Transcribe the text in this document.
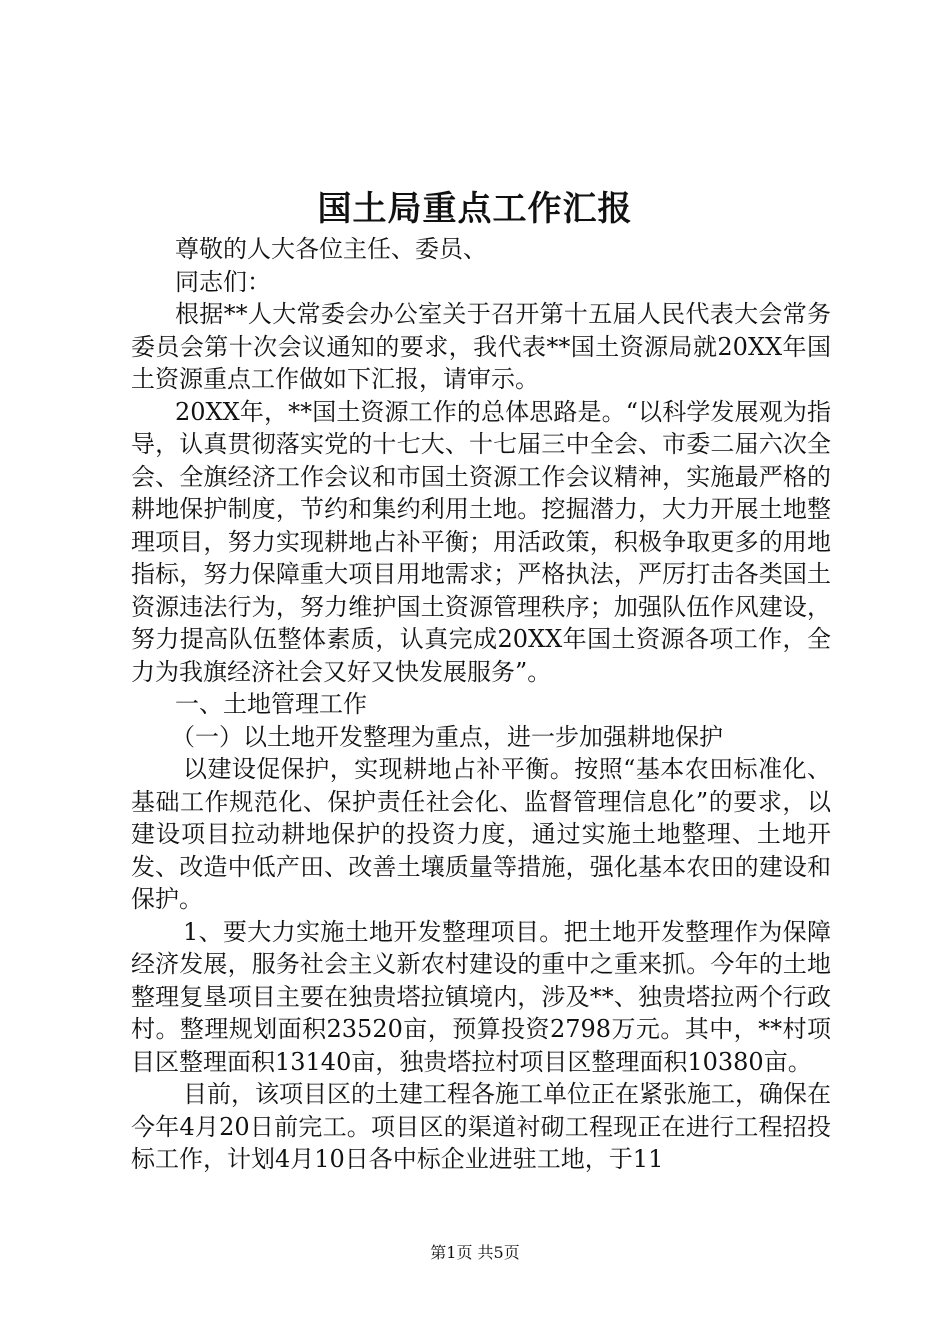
国土局重点工作汇报

尊敬的人大各位主任、委员、

同志们：

根据**人大常委会办公室关于召开第十五届人民代表大会常务委员会第十次会议通知的要求，我代表**国土资源局就20XX年国土资源重点工作做如下汇报，请审示。

20XX年，**国土资源工作的总体思路是。“以科学发展观为指导，认真贯彻落实党的十七大、十七届三中全会、市委二届六次全会、全旗经济工作会议和市国土资源工作会议精神，实施最严格的耕地保护制度，节约和集约利用土地。挖掘潜力，大力开展土地整理项目，努力实现耕地占补平衡；用活政策，积极争取更多的用地指标，努力保障重大项目用地需求；严格执法，严厉打击各类国土资源违法行为，努力维护国土资源管理秩序；加强队伍作风建设，努力提高队伍整体素质，认真完成20XX年国土资源各项工作，全力为我旗经济社会又好又快发展服务”。

一、土地管理工作

（一）以土地开发整理为重点，进一步加强耕地保护

以建设促保护，实现耕地占补平衡。按照“基本农田标准化、基础工作规范化、保护责任社会化、监督管理信息化”的要求，以建设项目拉动耕地保护的投资力度，通过实施土地整理、土地开发、改造中低产田、改善土壤质量等措施，强化基本农田的建设和保护。

1、要大力实施土地开发整理项目。把土地开发整理作为保障经济发展，服务社会主义新农村建设的重中之重来抓。今年的土地整理复垦项目主要在独贵塔拉镇境内，涉及**、独贵塔拉两个行政村。整理规划面积23520亩，预算投资2798万元。其中，**村项目区整理面积13140亩，独贵塔拉村项目区整理面积10380亩。

目前，该项目区的土建工程各施工单位正在紧张施工，确保在今年4月20日前完工。项目区的渠道衬砌工程现正在进行工程招投标工作，计划4月10日各中标企业进驻工地，于11

第1页 共5页
